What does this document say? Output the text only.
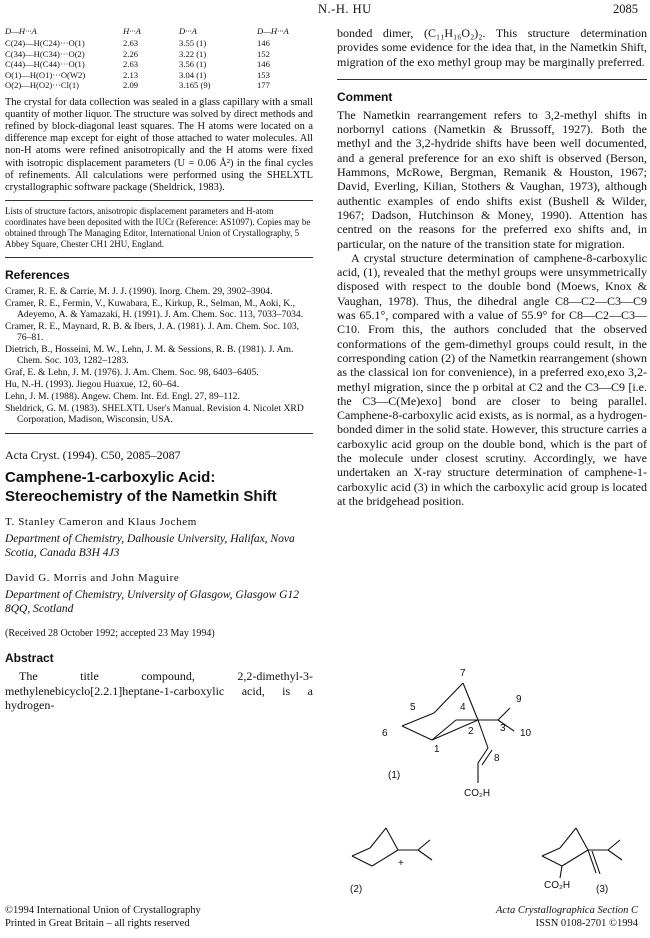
N.-H. HU	2085
D—H···A	H···A	D···A	D—H···A
C(24)—H(C24)···O(1)	2.63	3.55 (1)	146
C(34)—H(C34)···O(2)	2.26	3.22 (1)	152
C(44)—H(C44)···O(1)	2.63	3.56 (1)	146
O(1)—H(O1)···O(W2)	2.13	3.04 (1)	153
O(2)—H(O2)···Cl(1)	2.09	3.165 (9)	177

The crystal for data collection was sealed in a glass capillary with a small quantity of mother liquor. The structure was solved by direct methods and refined by block-diagonal least squares. The H atoms were located on a difference map except for eight of those attached to water molecules. All non-H atoms were refined anisotropically and the H atoms were fixed with isotropic displacement parameters (U = 0.06 Å²) in the final cycles of refinements. All calculations were performed using the SHELXTL crystallographic software package (Sheldrick, 1983).

Lists of structure factors, anisotropic displacement parameters and H-atom coordinates have been deposited with the IUCr (Reference: AS1097). Copies may be obtained through The Managing Editor, International Union of Crystallography, 5 Abbey Square, Chester CH1 2HU, England.
References

Cramer, R. E. & Carrie, M. J. J. (1990). Inorg. Chem. 29, 3902–3904.

Cramer, R. E., Fermin, V., Kuwabara, E., Kirkup, R., Selman, M., Aoki, K., Adeyemo, A. & Yamazaki, H. (1991). J. Am. Chem. Soc. 113, 7033–7034.

Cramer, R. E., Maynard, R. B. & Ibers, J. A. (1981). J. Am. Chem. Soc. 103, 76–81.

Dietrich, B., Hosseini, M. W., Lehn, J. M. & Sessions, R. B. (1981). J. Am. Chem. Soc. 103, 1282–1283.

Graf, E. & Lehn, J. M. (1976). J. Am. Chem. Soc. 98, 6403–6405.

Hu, N.-H. (1993). Jiegou Huaxue, 12, 60–64.

Lehn, J. M. (1988). Angew. Chem. Int. Ed. Engl. 27, 89–112.

Sheldrick, G. M. (1983). SHELXTL User's Manual. Revision 4. Nicolet XRD Corporation, Madison, Wisconsin, USA.

Acta Cryst. (1994). C50, 2085–2087
Camphene-1-carboxylic Acid:
Stereochemistry of the Nametkin Shift
T. Stanley Cameron and Klaus Jochem

Department of Chemistry, Dalhousie University, Halifax, Nova Scotia, Canada B3H 4J3

David G. Morris and John Maguire

Department of Chemistry, University of Glasgow, Glasgow G12 8QQ, Scotland

(Received 28 October 1992; accepted 23 May 1994)

Abstract

The title compound, 2,2-dimethyl-3-methylenebicyclo[2.2.1]heptane-1-carboxylic acid, is a hydrogen-

bonded dimer, (C₁₁H₁₆O₂)₂. This structure determination provides some evidence for the idea that, in the Nametkin Shift, migration of the exo methyl group may be marginally preferred.

Comment

The Nametkin rearrangement refers to 3,2-methyl shifts in norbornyl cations (Nametkin & Brussoff, 1927). Both the methyl and the 3,2-hydride shifts have been well documented, and a general preference for an exo shift is observed (Berson, Hammons, McRowe, Bergman, Remanik & Houston, 1967; David, Everling, Kilian, Stothers & Vaughan, 1973), although authentic examples of endo shifts exist (Bushell & Wilder, 1967; Dadson, Hutchinson & Money, 1990). Attention has centred on the reasons for the preferred exo shifts and, in particular, on the nature of the transition state for migration.

A crystal structure determination of camphene-8-carboxylic acid, (1), revealed that the methyl groups were unsymmetrically disposed with respect to the double bond (Moews, Knox & Vaughan, 1978). Thus, the dihedral angle C8—C2—C3—C9 was 65.1°, compared with a value of 55.9° for C8—C2—C3—C10. From this, the authors concluded that the observed conformations of the gem-dimethyl groups could result, in the corresponding cation (2) of the Nametkin rearrangement (shown as the classical ion for convenience), in a preferred exo,exo 3,2-methyl migration, since the p orbital at C2 and the C3—C9 [i.e. the C3—C(Me)exo] bond are closer to being parallel. Camphene-8-carboxylic acid exists, as is normal, as a hydrogen-bonded dimer in the solid state. However, this structure carries a carboxylic acid group on the double bond, which is the part of the molecule under closest scrutiny. Accordingly, we have undertaken an X-ray structure determination of camphene-1-carboxylic acid (3) in which the carboxylic acid group is located at the bridgehead position.

7
9
5	4
3 10
6	2
1
8
(1)
CO₂H
+
(2)	CO₂H	(3)
©1994 International Union of Crystallography
Printed in Great Britain – all rights reserved
Acta Crystallographica Section C
ISSN 0108-2701 ©1994
